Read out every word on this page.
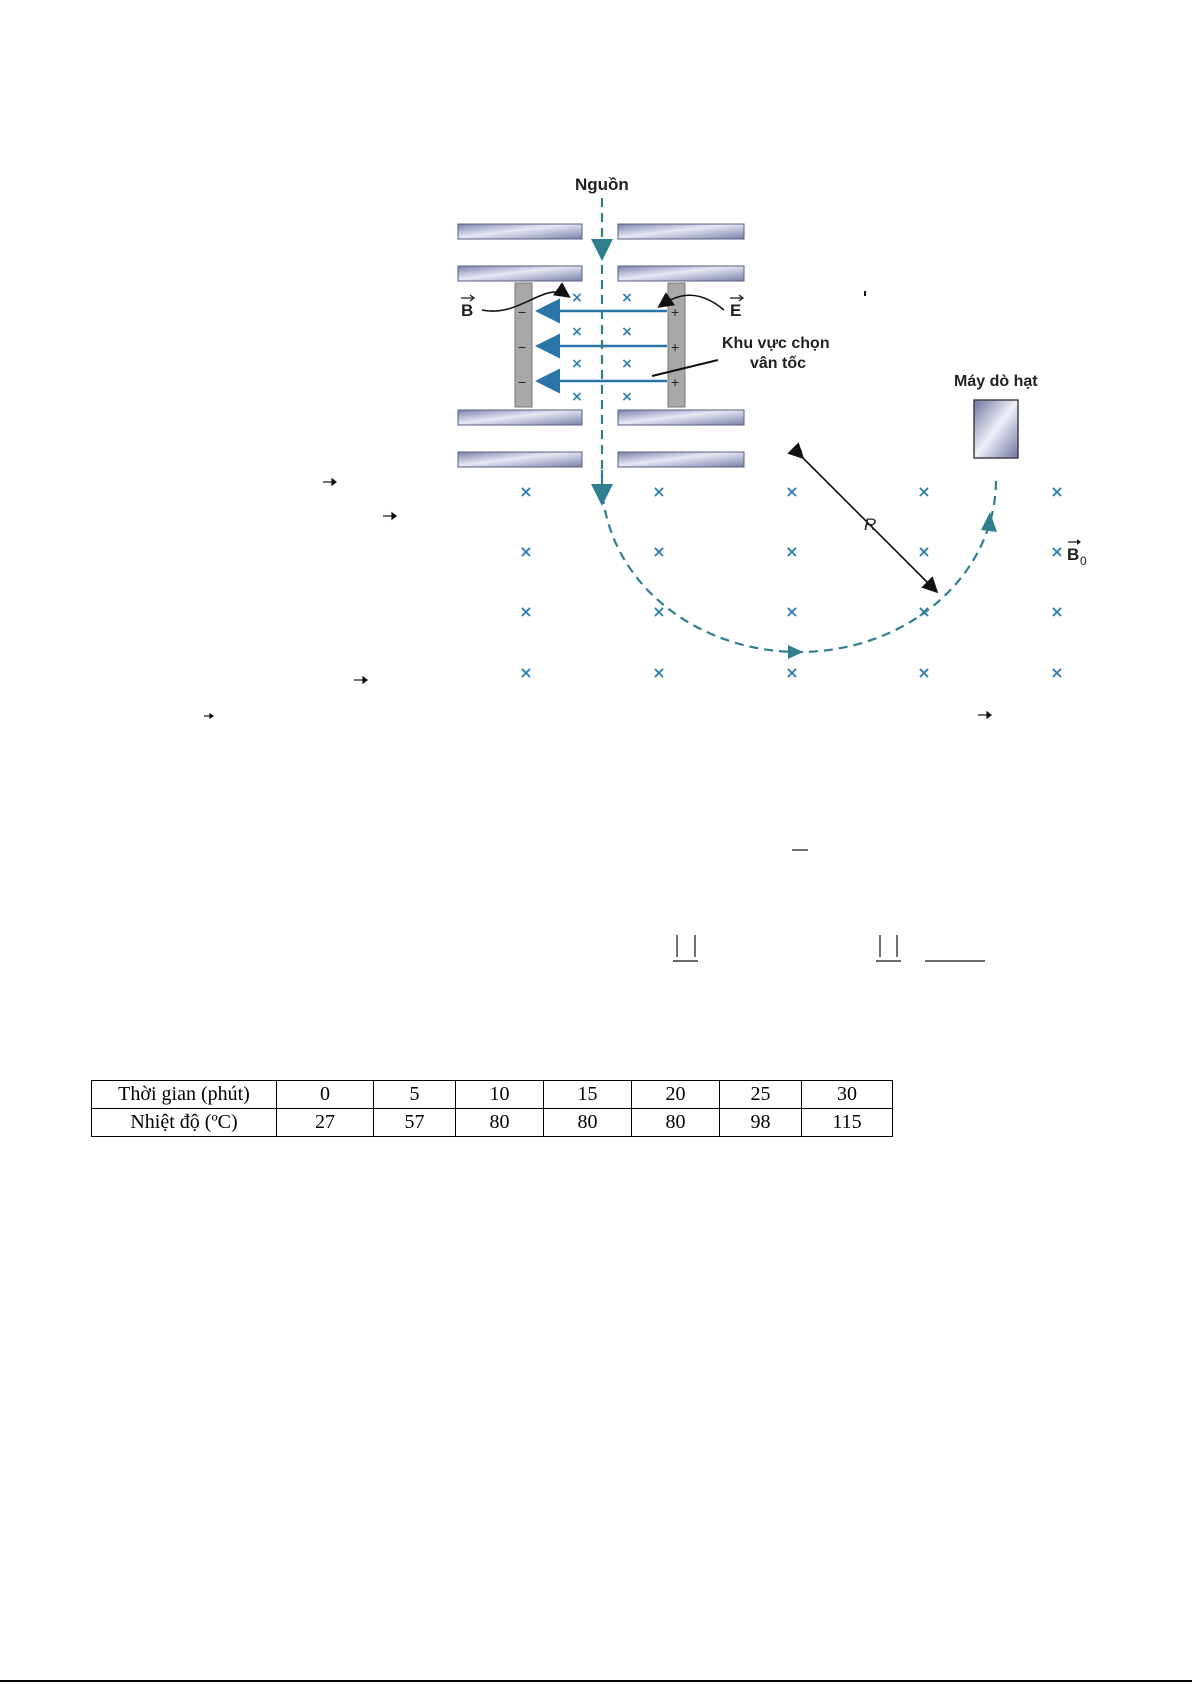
Nguồn
−
−
−
+
+
+
×	×
×	×
×	×
×	×
B	E
Khu vực chọn
vân tốc
Máy dò hạt
R
×	×	×	×	×
×	×	×	×	×
×	×	×	×	×
×	×	×	×	×
B 0
Thời gian (phút)	0	5	10	15	20	25	30
Nhiệt độ (ºC)	27	57	80	80	80	98	115
